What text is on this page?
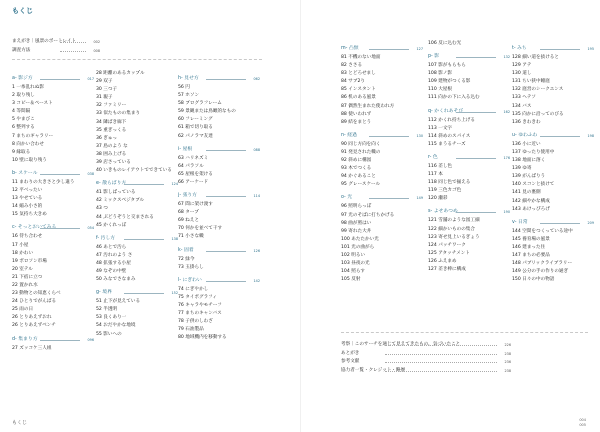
もくじ
まえがき｜風景のポートレイト	002
調査方法	008
a- 影ジ方	017
1 一糸乱れぬ影
2 取り残し
3 コピー＆ペースト
4 等間隔
5 やまびこ
6 整列する
7 まちのギャラリー
8 向かい合わせ
9 縁取る
10 壁に取り残う
b- スケール	038
11 まわりの大きさと少し違う
12 平べったい
13 やせている
14 縮み小さ的
15 気持ち大きめ
c- そっとおいてみる	054
16 待ち合わせ
17 小屋
18 かわい
19 ボロソン市場
20 室テル
21 下宿に立つ
22 置かれ水
23 動物との知恵くらべ
24 ひとりでがんばる
25 雨の日
26 とりあえずおれ
26 とりあえずベンチ
d- 集まり方	096
27 ズッコケ三人組
28 距離のあるカップル
29 双子
30 三つ子
31 親子
32 ファミリー
33 似たものの集まり
34 隣ばき廊下
35 重ぎっくる
36 ぎゅっ
37 島のよう な
38 囲み上げる
39 店さっている
40 いきものレイアウトでできている
e- 散らばり方	124
41 影しばっている
42 ミックスベジタブル
43 つ
44 ぶどうぞうと交まされる
45 かくれっぼ
f- 汚し方	138
46 あとで汚ら
47 汚れのよう さ
48 拡張する小屋
49 なぞの中壁
50 みなでさなまみ
g- 境界	152
51 止下が見えている
52 半透明
53 良くあり一
54 おだやかな地境
55 影いへの
h- 見せ方	062
56 円
57 ホソン
58 ブログラフレーム
59 景観または鳥瞰的なもの
60 フレーミング
61 箱で切り取る
62 パノラマ友達
i- 屋根	088
63 ハリネズミ
64 パラソル
65 屋根を架ける
66 アーケード
j- 張り方	114
67 間に架け渡す
68 タープ
69 ねえと
70 何かを並べて干す
71 小さな幟
k- 固着	126
72 緑今
73 玉掛らし
l- にぎわい	142
74 にぎやかし
75 タイポグラフィ
76 キャラやモチーフ
77 まちのキャンバス
78 子供のしわざ
79 石油製品
80 地域機内を移動する
m- 凸無	127
81 不機のない地面
82 ささる
83 とどろせまし
84 サブ2り
85 インスタント
86 机のある風景
87 偶然生まれた使われ方
88 使いわれず
89 結をまとう
n- 経過	130
90 同じ方向を向く
91 発見された幟の
92 斜めに構図
93 木でつくる
94 かぐあること
95 グレースケール
o- 光	149
96 照明らっぽ
97 光のそばに打ちかげる
98 曲が照はい
99 寄れた大井
100 あたたかい光
101 光の曲がら
102 明るい
103 昼夜の光
104 照らす
105 反射
106 反に込む光
p- 影	132
107 影がもらもら
108 影ノ影
109 建物がつくる影
110 大屋根
111 向かの下に入る込む
q- かくれあそび	162
112 かくれ持ち上げる
113 一文字
114 斜めのスパイス
115 まうるチーズ
r- 色	176
116 差し色
117 本
118 同じ色で揃える
119 三色カゴ色
120 瀬彩
s- よせあつめ	190
121 雪舗のような図工細
122 細かいものの集合
123 寄せ見上いるぎょう
124 パッチワーク
125 アタッチメント
126 ふえまめ
127 差き棒に構成
t- みち	195
128 細い道を抜けると
129 アテ
130 道し
131 ちい狭中睡庭
132 庭営のシークエンス
133 ヘテソ
134 バス
135 向かに沿ってのびる
136 きわきわ
u- ゆわふわ	198
136 小に近い
137 ゆったり使用中
138 地面に溶く
139 ゆ寄
139 がんばりう
140 スコンと抜けて
141 見の裏側
142 細やかな構成
143 あけっぴろげ
v- 日常	209
144 空間をつくっている途中
145 養育場の風景
146 建まった住
147 まちの必要品
148 パブリックライブラリー
149 公分の手の作りの通ぎ
150 日々の中の物語
考察｜このサーチを通じて見えてきたもの、気づいたこと	226
あとがき	238
参考文献	236
協力者一覧・クレジット・略歴	238
もくじ	004
005
